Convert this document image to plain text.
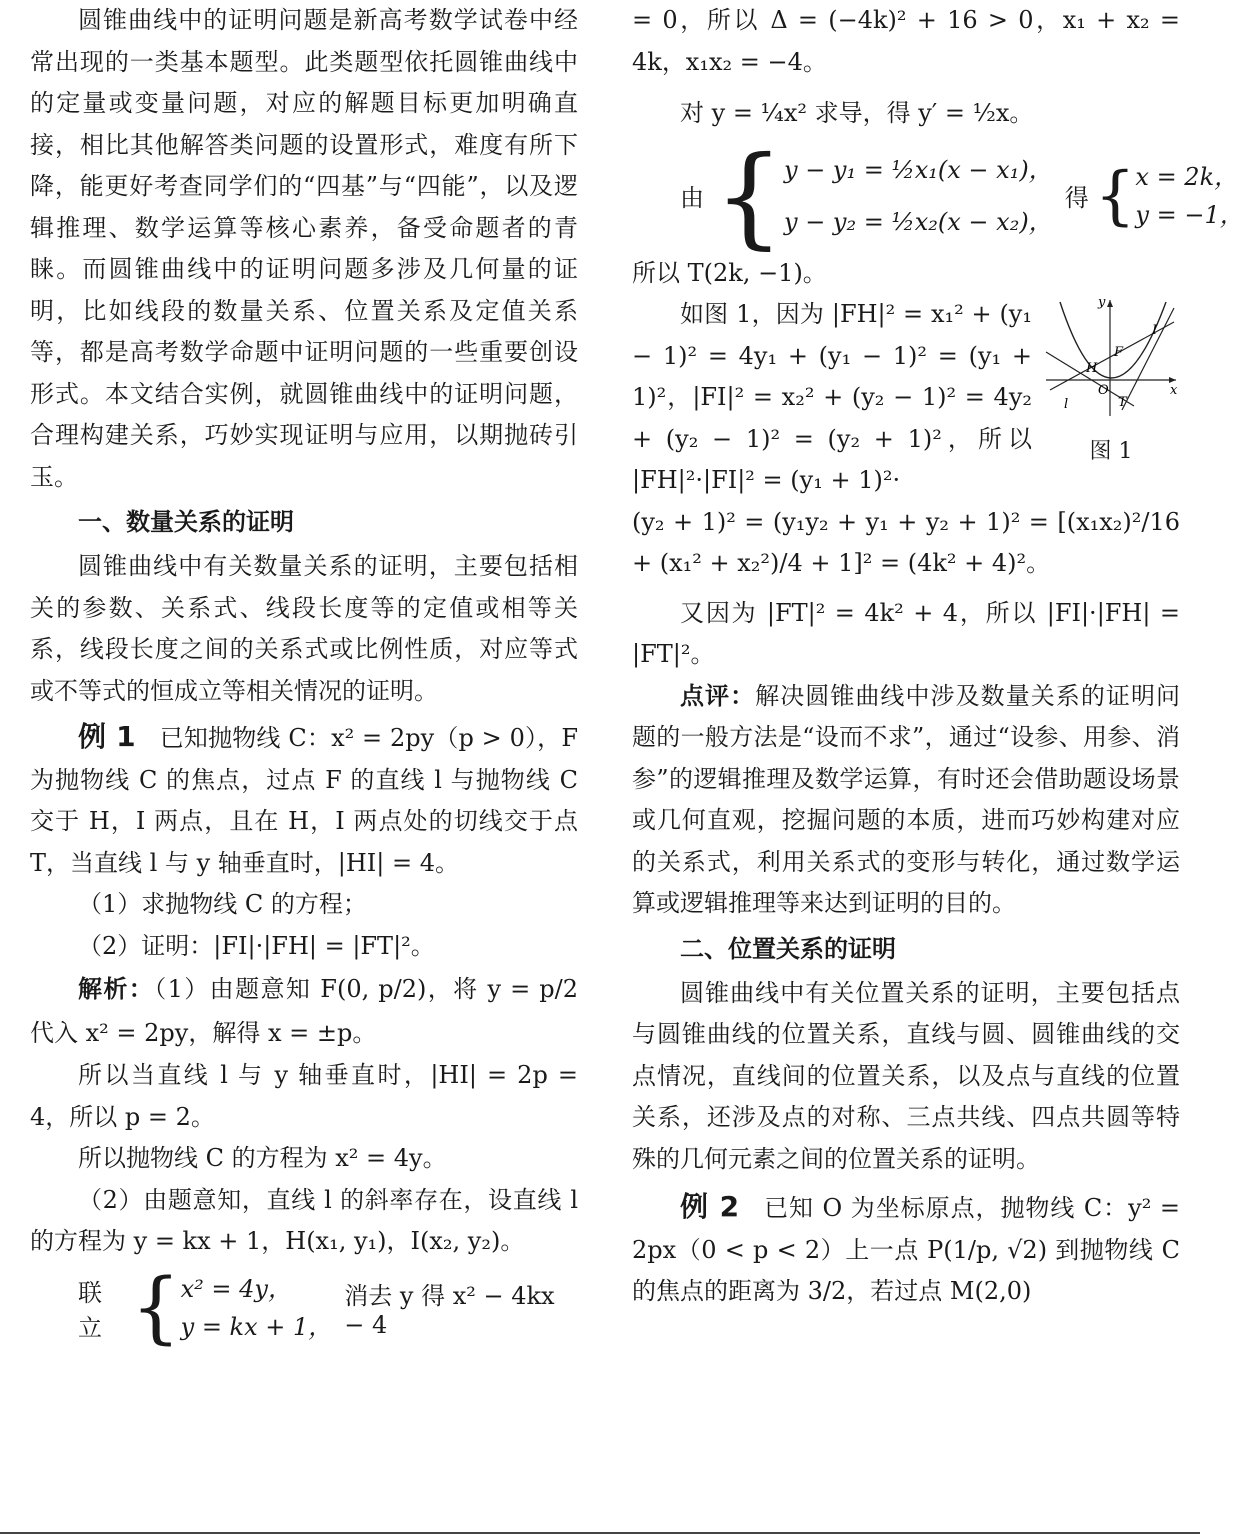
圆锥曲线中的证明问题是新高考数学试卷中经常出现的一类基本题型。此类题型依托圆锥曲线中的定量或变量问题，对应的解题目标更加明确直接，相比其他解答类问题的设置形式，难度有所下降，能更好考查同学们的“四基”与“四能”，以及逻辑推理、数学运算等核心素养，备受命题者的青睐。而圆锥曲线中的证明问题多涉及几何量的证明，比如线段的数量关系、位置关系及定值关系等，都是高考数学命题中证明问题的一些重要创设形式。本文结合实例，就圆锥曲线中的证明问题，合理构建关系，巧妙实现证明与应用，以期抛砖引玉。

一、数量关系的证明

圆锥曲线中有关数量关系的证明，主要包括相关的参数、关系式、线段长度等的定值或相等关系，线段长度之间的关系式或比例性质，对应等式或不等式的恒成立等相关情况的证明。

例 1 已知抛物线 C：x² = 2py（p > 0），F 为抛物线 C 的焦点，过点 F 的直线 l 与抛物线 C 交于 H，I 两点，且在 H，I 两点处的切线交于点 T，当直线 l 与 y 轴垂直时，|HI| = 4。

（1）求抛物线 C 的方程；

（2）证明：|FI|·|FH| = |FT|²。

解析：（1）由题意知 F(0, p/2)，将 y = p/2 代入 x² = 2py，解得 x = ±p。

所以当直线 l 与 y 轴垂直时，|HI| = 2p = 4，所以 p = 2。

所以抛物线 C 的方程为 x² = 4y。

（2）由题意知，直线 l 的斜率存在，设直线 l 的方程为 y = kx + 1，H(x₁, y₁)，I(x₂, y₂)。

联立 { x² = 4y，
y = kx + 1，
消去 y 得 x² − 4kx − 4

= 0，所以 Δ = (−4k)² + 16 > 0，x₁ + x₂ = 4k，x₁x₂ = −4。

对 y = ¼x² 求导，得 y′ = ½x。

由 { y − y₁ = ½x₁(x − x₁)，
y − y₂ = ½x₂(x − x₂)，
得 { x = 2k，
y = −1，

所以 T(2k, −1)。

y
x
O
H
F
I
T
l
图 1

如图 1，因为 |FH|² = x₁² + (y₁ − 1)² = 4y₁ + (y₁ − 1)² = (y₁ + 1)²，|FI|² = x₂² + (y₂ − 1)² = 4y₂ + (y₂ − 1)² = (y₂ + 1)²，所以 |FH|²·|FI|² = (y₁ + 1)²·

(y₂ + 1)² = (y₁y₂ + y₁ + y₂ + 1)² = [(x₁x₂)²/16 + (x₁² + x₂²)/4 + 1]² = (4k² + 4)²。

又因为 |FT|² = 4k² + 4，所以 |FI|·|FH| = |FT|²。

点评：解决圆锥曲线中涉及数量关系的证明问题的一般方法是“设而不求”，通过“设参、用参、消参”的逻辑推理及数学运算，有时还会借助题设场景或几何直观，挖掘问题的本质，进而巧妙构建对应的关系式，利用关系式的变形与转化，通过数学运算或逻辑推理等来达到证明的目的。

二、位置关系的证明

圆锥曲线中有关位置关系的证明，主要包括点与圆锥曲线的位置关系，直线与圆、圆锥曲线的交点情况，直线间的位置关系，以及点与直线的位置关系，还涉及点的对称、三点共线、四点共圆等特殊的几何元素之间的位置关系的证明。

例 2 已知 O 为坐标原点，抛物线 C：y² = 2px（0 < p < 2）上一点 P(1/p, √2) 到抛物线 C 的焦点的距离为 3/2，若过点 M(2,0)
